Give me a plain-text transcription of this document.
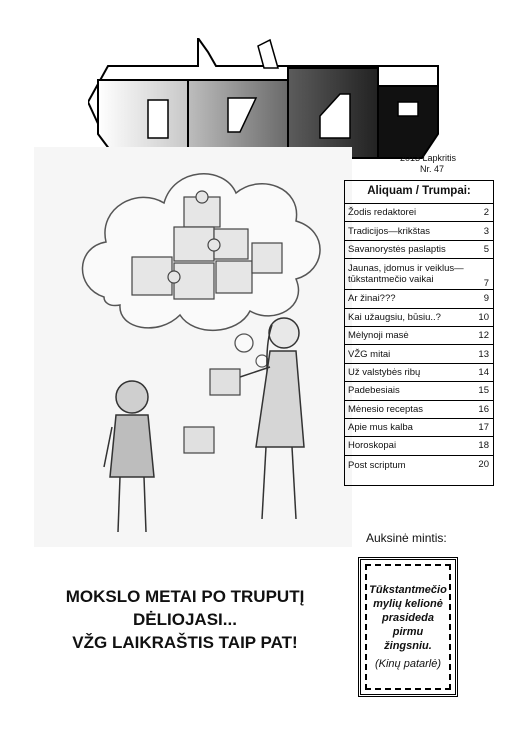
2013 Lapkritis
Nr. 47
Aliquam / Trumpai:
Žodis redaktorei	2
Tradicijos—krikštas	3
Savanorystės paslaptis	5
Jaunas, įdomus ir veiklus—tūkstantmečio vaikai	7
Ar žinai???	9
Kai užaugsiu, būsiu..?	10
Mėlynoji masė	12
VŽG mitai	13
Už valstybės ribų	14
Padebesiais	15
Mėnesio receptas	16
Apie mus kalba	17
Horoskopai	18
Post scriptum	20
Auksinė mintis:
Tūkstantmečio mylių kelionė prasideda pirmu žingsniu.
(Kinų patarlė)
MOKSLO METAI PO TRUPUTĮ
DĖLIOJASI...
VŽG LAIKRAŠTIS TAIP PAT!
